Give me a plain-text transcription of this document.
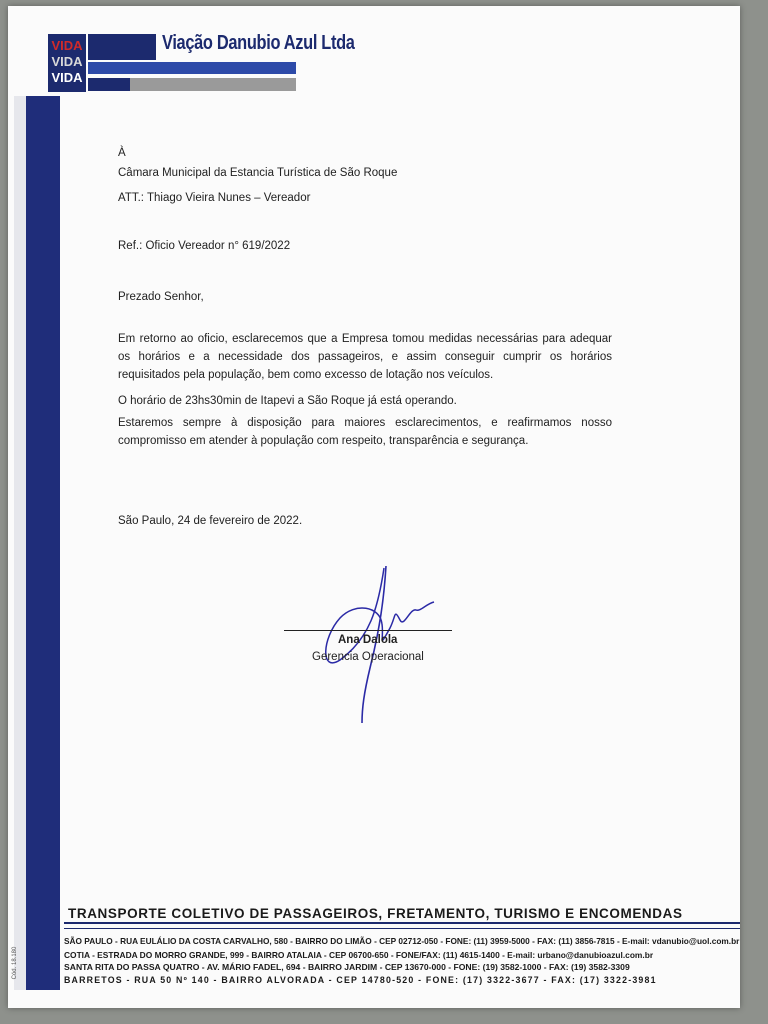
VIDA
VIDA
VIDA
Viação Danubio Azul Ltda
À
Câmara Municipal da Estancia Turística de São Roque
ATT.: Thiago Vieira Nunes – Vereador
Ref.: Oficio Vereador n° 619/2022
Prezado Senhor,
Em retorno ao oficio, esclarecemos que a Empresa tomou medidas necessárias para adequar os horários e a necessidade dos passageiros, e assim conseguir cumprir os horários requisitados pela população, bem como excesso de lotação nos veículos.
O horário de 23hs30min de Itapevi a São Roque já está operando.
Estaremos sempre à disposição para maiores esclarecimentos, e reafirmamos nosso compromisso em atender à população com respeito, transparência e segurança.
São Paulo, 24 de fevereiro de 2022.
Ana Dalola
Gerencia Operacional
TRANSPORTE COLETIVO DE PASSAGEIROS, FRETAMENTO, TURISMO E ENCOMENDAS
SÃO PAULO - RUA EULÁLIO DA COSTA CARVALHO, 580 - BAIRRO DO LIMÃO - CEP 02712-050 - FONE: (11) 3959-5000 - FAX: (11) 3856-7815 - E-mail: vdanubio@uol.com.br
COTIA - ESTRADA DO MORRO GRANDE, 999 - BAIRRO ATALAIA - CEP 06700-650 - FONE/FAX: (11) 4615-1400 - E-mail: urbano@danubioazul.com.br
SANTA RITA DO PASSA QUATRO - AV. MÁRIO FADEL, 694 - BAIRRO JARDIM - CEP 13670-000 - FONE: (19) 3582-1000 - FAX: (19) 3582-3309
BARRETOS - RUA 50 Nº 140 - BAIRRO ALVORADA - CEP 14780-520 - FONE: (17) 3322-3677 - FAX: (17) 3322-3981
Cód. 18.180
